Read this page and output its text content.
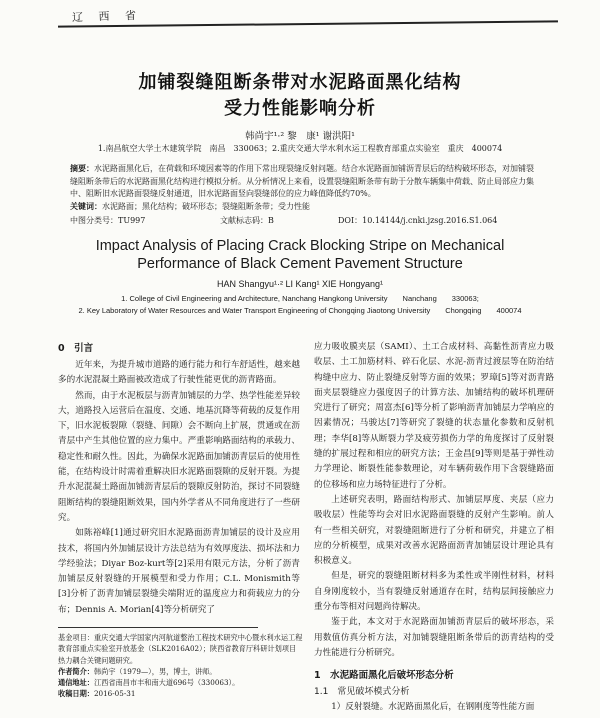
辽 西 省
加铺裂缝阻断条带对水泥路面黑化结构
受力性能影响分析
韩尚宇¹·² 黎　康¹ 谢洪阳¹
1.南昌航空大学土木建筑学院　南昌　330063；2.重庆交通大学水利水运工程教育部重点实验室　重庆　400074
摘要：水泥路面黑化后，在荷载和环境因素等的作用下常出现裂缝反射问题。结合水泥路面加铺沥青层后的结构破坏形态，对加铺裂缝阻断条带后的水泥路面黑化结构进行模拟分析。从分析情况上来看，设置裂缝阻断条带有助于分散车辆集中荷载、防止局部应力集中、阻断旧水泥路面裂缝反射通道，旧水泥路面竖向裂缝部位的应力峰值降低约70%。
关键词：水泥路面；黑化结构；破坏形态；裂缝阻断条带；受力性能
中图分类号：TU997	文献标志码：B	DOI：10.14144/j.cnki.jzsg.2016.S1.064
Impact Analysis of Placing Crack Blocking Stripe on Mechanical
Performance of Black Cement Pavement Structure
HAN Shangyu¹·² LI Kang¹ XIE Hongyang¹
1. College of Civil Engineering and Architecture, Nanchang Hangkong University　　Nanchang　　330063;
2. Key Laboratory of Water Resources and Water Transport Engineering of Chongqing Jiaotong University　　Chongqing　　400074
0　引言

近年来，为提升城市道路的通行能力和行车舒适性，越来越多的水泥混凝土路面被改造成了行驶性能更优的沥青路面。

然而，由于水泥板层与沥青加铺层的力学、热学性能差异较大，道路投入运营后在温度、交通、地基沉降等荷载的反复作用下，旧水泥板裂隙（裂缝、间隙）会不断向上扩展，贯通或在沥青层中产生其他位置的应力集中。严重影响路面结构的承载力、稳定性和耐久性。因此，为确保水泥路面加铺沥青层后的使用性能，在结构设计时需着重解决旧水泥路面裂隙的反射开裂。为提升水泥混凝土路面加铺沥青层后的裂隙反射防治，探讨不同裂缝阻断结构的裂缝阻断效果，国内外学者从不同角度进行了一些研究。

如陈裕峰[1]通过研究旧水泥路面沥青加铺层的设计及应用技术，将国内外加铺层设计方法总结为有效厚度法、损坏法和力学经验法；Diyar Boz-kurt等[2]采用有限元方法，分析了沥青加铺层反射裂缝的开展模型和受力作用；C.L. Monismith等[3]分析了沥青加铺层裂缝尖端附近的温度应力和荷载应力的分布；Dennis A. Morian[4]等分析研究了

应力吸收膜夹层（SAMI）、土工合成材料、高黏性沥青应力吸收层、土工加筋材料、碎石化层、水泥-沥青过渡层等在防治结构缝中应力、防止裂缝反射等方面的效果；罗璋[5]等对沥青路面夹层裂缝应力强度因子的计算方法、加铺结构的破坏机理研究进行了研究；周富杰[6]等分析了影响沥青加铺层力学响应的因素情况；马骏达[7]等研究了裂缝的状态量化参数和反射机理；李华[8]等从断裂力学及疲劳损伤力学的角度探讨了反射裂缝的扩展过程和相应的研究方法；王金昌[9]等则是基于弹性动力学理论、断裂性能参数理论，对车辆荷载作用下含裂缝路面的位移场和应力场特征进行了分析。

上述研究表明，路面结构形式、加铺层厚度、夹层（应力吸收层）性能等均会对旧水泥路面裂缝的反射产生影响。前人有一些相关研究，对裂缝阻断进行了分析和研究，并建立了相应的分析模型，成果对改善水泥路面沥青加铺层设计理论具有积极意义。

但是，研究的裂缝阻断材料多为柔性或半刚性材料，材料自身刚度较小，当有裂缝反射通道存在时，结构层间接触应力重分布等相对问题尚待解决。

鉴于此，本文对于水泥路面加铺沥青层后的破坏形态，采用数值仿真分析方法，对加铺裂缝阻断条带后的沥青结构的受力性能进行分析研究。

1　水泥路面黑化后破坏形态分析
1.1　常见破坏模式分析

1）反射裂缝。水泥路面黑化后，在钢刚度等性能方面

基金项目：重庆交通大学国家内河航道整治工程技术研究中心暨水利水运工程教育部重点实验室开放基金（SLK2016A02）；陕西省教育厅科研计划项目
热力耦合关键问题研究。
作者简介：韩尚宇（1979—），男，博士，讲师。
通信地址：江西省南昌市丰和南大道696号（330063）。
收稿日期：2016-05-31
